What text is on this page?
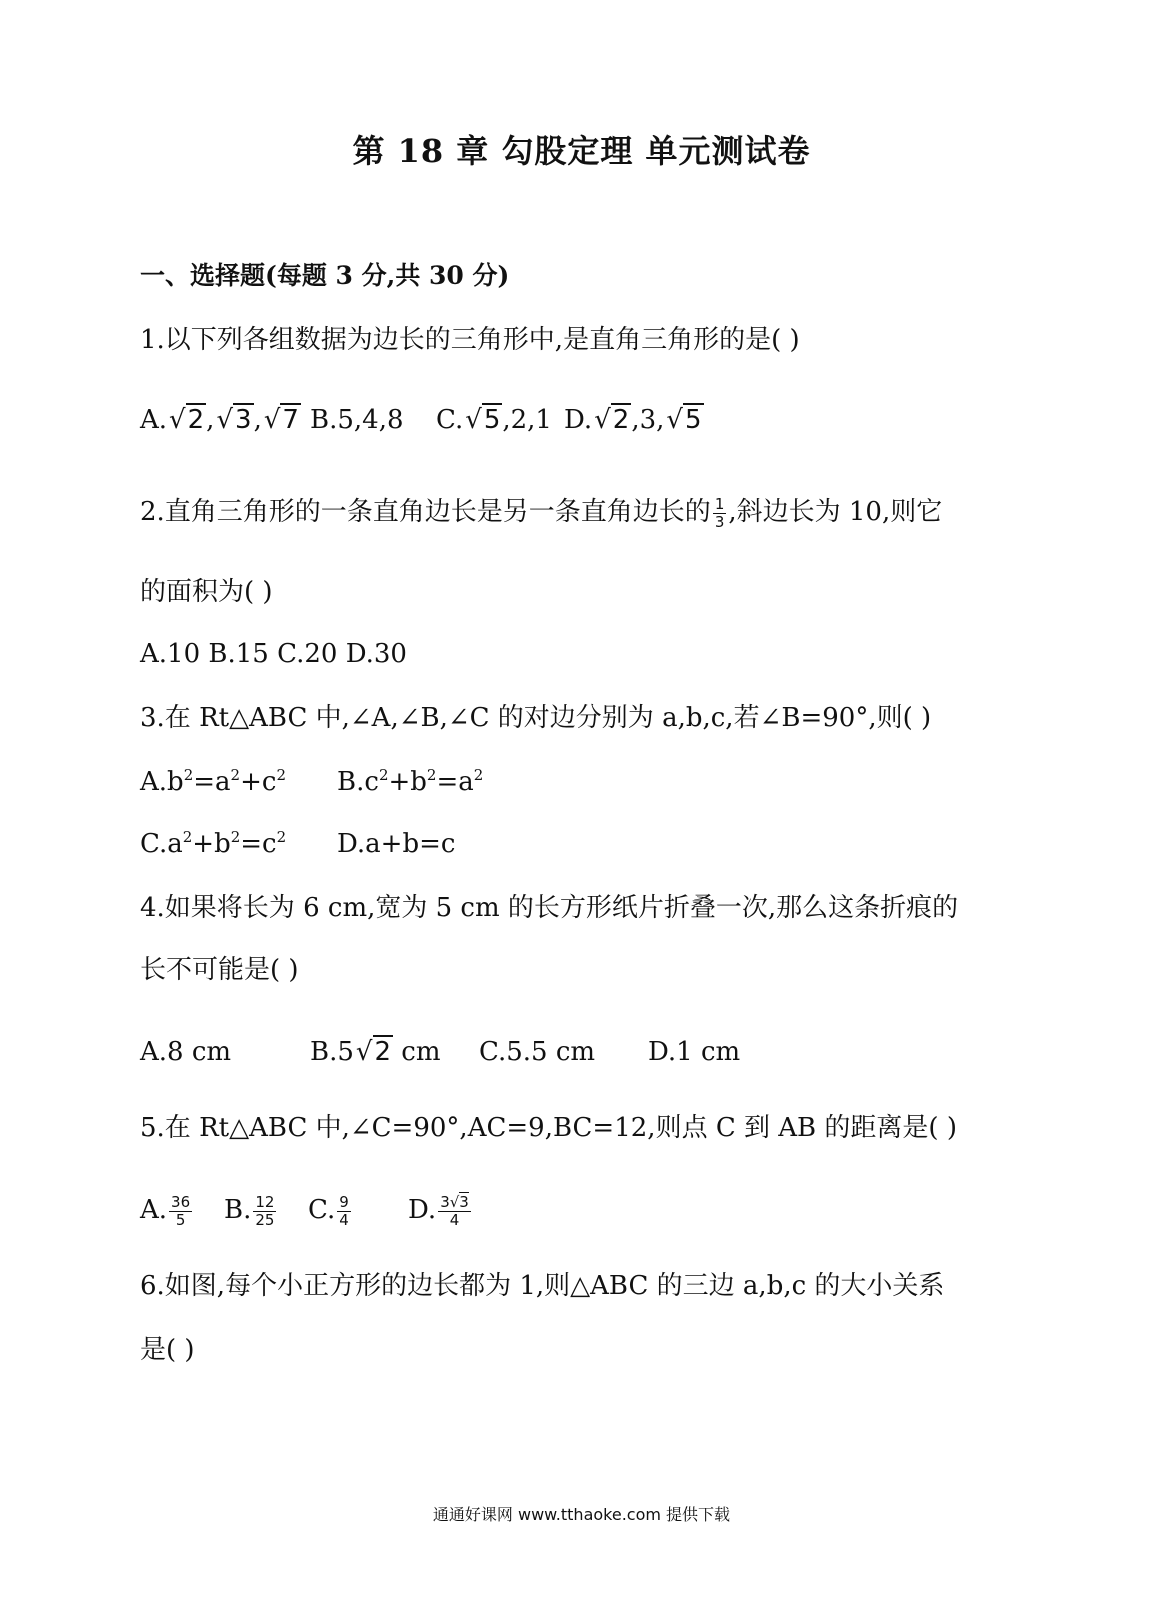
第 18 章 勾股定理 单元测试卷
一、选择题(每题 3 分,共 30 分)
1.以下列各组数据为边长的三角形中,是直角三角形的是( )
A.√2,√3,√7 B.5,4,8 C.√5,2,1 D.√2,3,√5
2.直角三角形的一条直角边长是另一条直角边长的 $\frac{1}{3}$ ,斜边长为 10,则它
的面积为( )
A.10 B.15 C.20 D.30
3.在 Rt△ABC 中,∠A,∠B,∠C 的对边分别为 a,b,c,若∠B=90°,则( )
$A.b^2=a^2+c^2$ $B.c^2+b^2=a^2$
$C.a^2+b^2=c^2$ D.a+b=c
4.如果将长为 6 cm,宽为 5 cm 的长方形纸片折叠一次,那么这条折痕的
长不可能是( )
A.8 cm	B.5√2 cm C.5.5 cm D.1 cm
5.在 Rt△ABC 中,∠C=90°,AC=9,BC=12,则点 C 到 AB 的距离是( )
A. $\frac{36}{5} B$. $\frac{12}{25} C$. $\frac{9}{4} D$. $\frac{3√3}{4}$
6.如图,每个小正方形的边长都为 1,则△ABC 的三边 a,b,c 的大小关系
是( )
通通好课网 www.tthaoke.com 提供下载
